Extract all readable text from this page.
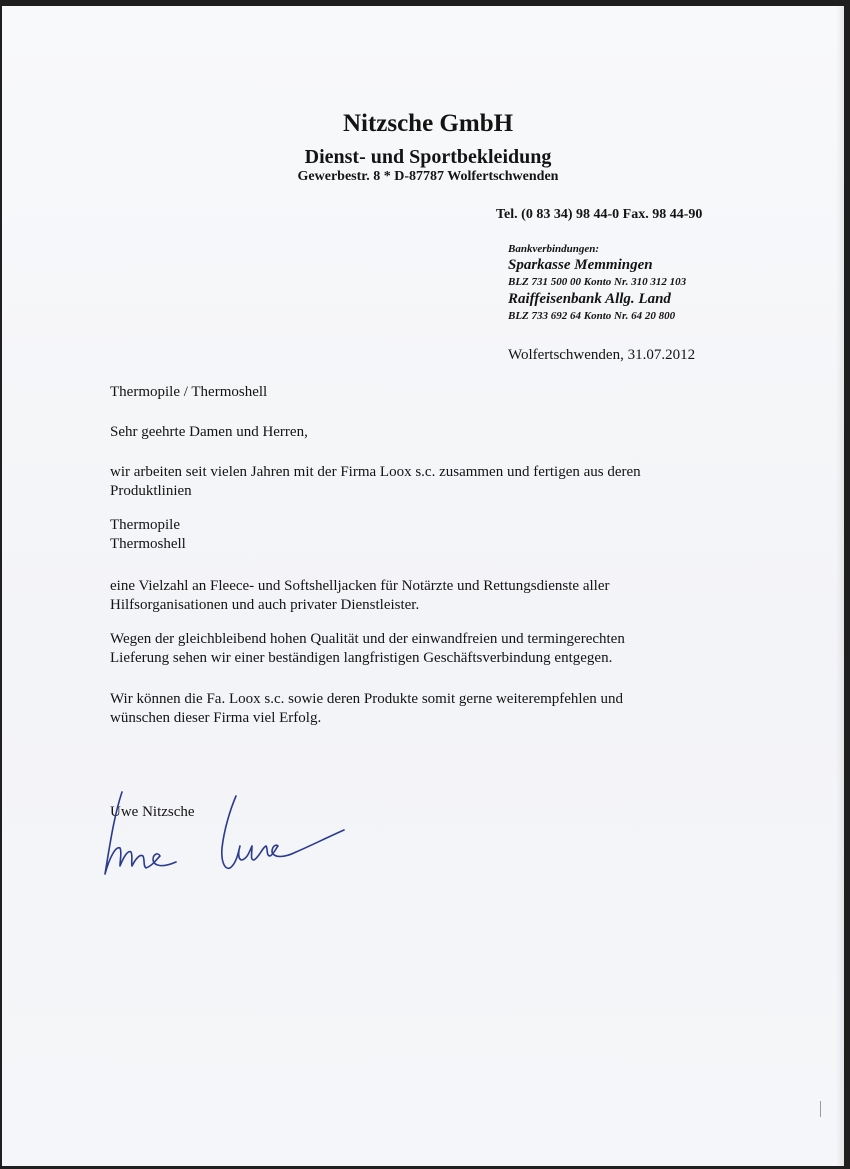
Nitzsche GmbH
Dienst- und Sportbekleidung
Gewerbestr. 8 * D-87787 Wolfertschwenden
Tel. (0 83 34) 98 44-0 Fax. 98 44-90
Bankverbindungen:
Sparkasse Memmingen
BLZ 731 500 00 Konto Nr. 310 312 103
Raiffeisenbank Allg. Land
BLZ 733 692 64 Konto Nr. 64 20 800
Wolfertschwenden, 31.07.2012
Thermopile / Thermoshell
Sehr geehrte Damen und Herren,
wir arbeiten seit vielen Jahren mit der Firma Loox s.c. zusammen und fertigen aus deren
Produktlinien
Thermopile
Thermoshell
eine Vielzahl an Fleece- und Softshelljacken für Notärzte und Rettungsdienste aller
Hilfsorganisationen und auch privater Dienstleister.
Wegen der gleichbleibend hohen Qualität und der einwandfreien und termingerechten
Lieferung sehen wir einer beständigen langfristigen Geschäftsverbindung entgegen.
Wir können die Fa. Loox s.c. sowie deren Produkte somit gerne weiterempfehlen und
wünschen dieser Firma viel Erfolg.
Uwe Nitzsche
